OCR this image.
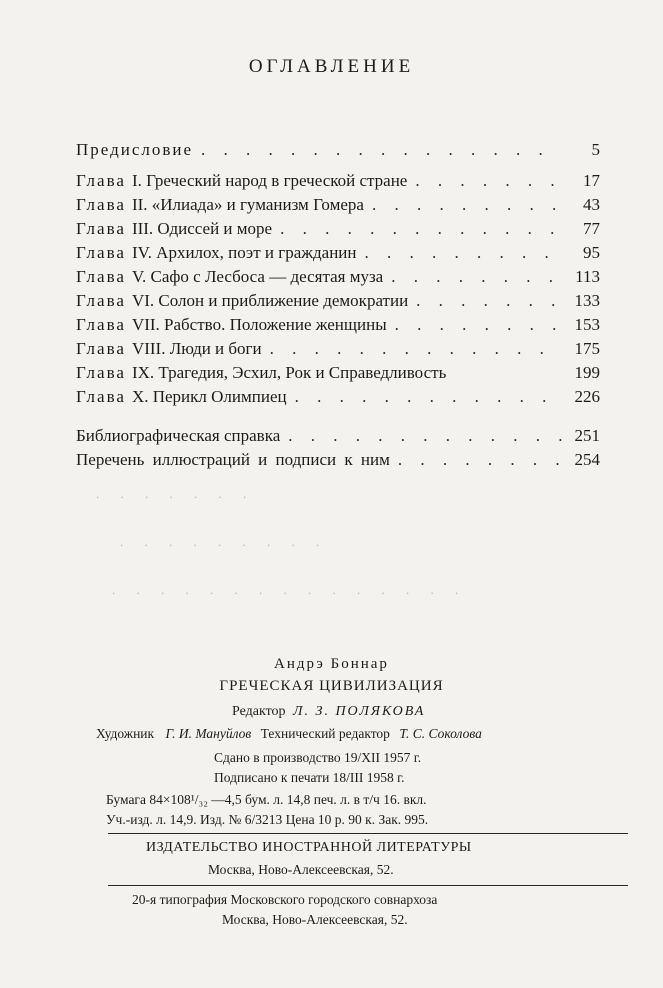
ОГЛАВЛЕНИЕ
Предисловие . . .	5
Глава I. Греческий народ в греческой стране . . .	17
Глава II. «Илиада» и гуманизм Гомера . . .	43
Глава III. Одиссей и море . . .	77
Глава IV. Архилох, поэт и гражданин . . .	95
Глава V. Сафо с Лесбоса — десятая муза . . .	113
Глава VI. Солон и приближение демократии . . .	133
Глава VII. Рабство. Положение женщины . . .	153
Глава VIII. Люди и боги . . .	175
Глава IX. Трагедия, Эсхил, Рок и Справедливость	199
Глава X. Перикл Олимпиец . . .	226
Библиографическая справка . . .	251
Перечень иллюстраций и подписи к ним . . .	254
. . . . . . .
. . . . . . . . .
. . . . . . . . . . . . . . .
Андрэ Боннар
ГРЕЧЕСКАЯ ЦИВИЛИЗАЦИЯ
Редактор Л. З. ПОЛЯКОВА
Художник Г. И. Мануйлов Технический редактор Т. С. Соколова
Сдано в производство 19/XII 1957 г.
Подписано к печати 18/III 1958 г.
Бумага 84×108¹/₃₂ —4,5 бум. л. 14,8 печ. л. в т/ч 16. вкл.
Уч.-изд. л. 14,9. Изд. № 6/3213 Цена 10 р. 90 к. Зак. 995.
ИЗДАТЕЛЬСТВО ИНОСТРАННОЙ ЛИТЕРАТУРЫ
Москва, Ново-Алексеевская, 52.
20-я типография Московского городского совнархоза
Москва, Ново-Алексеевская, 52.
